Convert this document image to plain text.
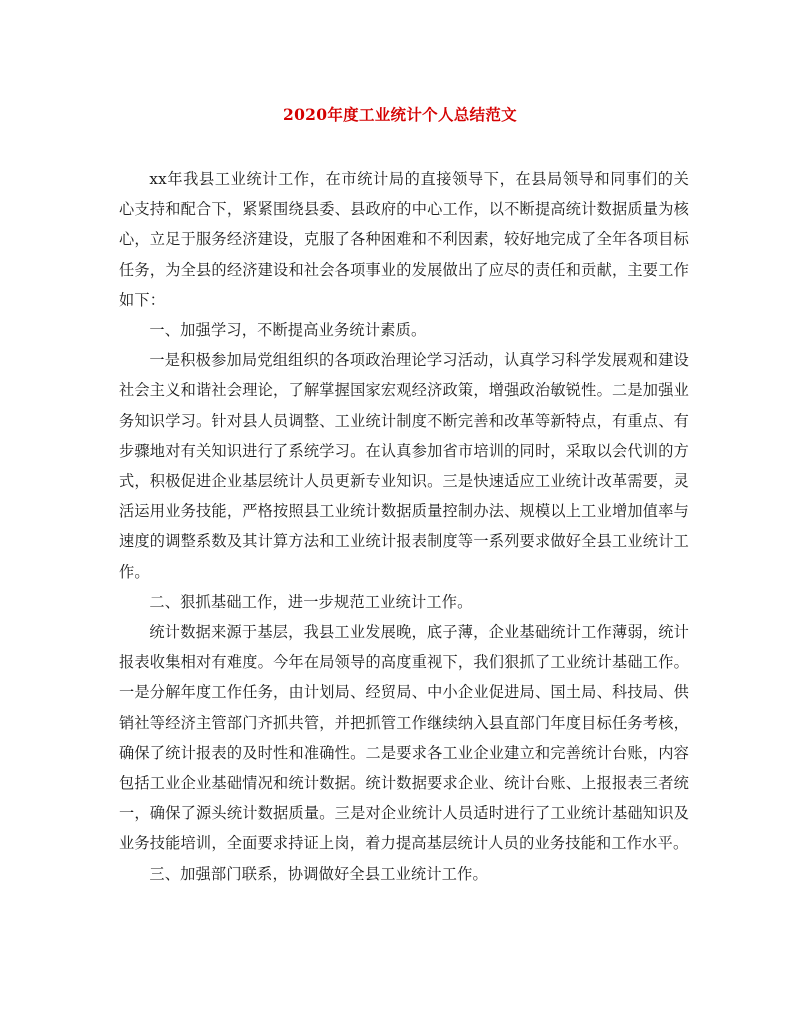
2020年度工业统计个人总结范文

xx年我县工业统计工作，在市统计局的直接领导下，在县局领导和同事们的关心支持和配合下，紧紧围绕县委、县政府的中心工作，以不断提高统计数据质量为核心，立足于服务经济建设，克服了各种困难和不利因素，较好地完成了全年各项目标任务，为全县的经济建设和社会各项事业的发展做出了应尽的责任和贡献，主要工作如下：

一、加强学习，不断提高业务统计素质。

一是积极参加局党组组织的各项政治理论学习活动，认真学习科学发展观和建设社会主义和谐社会理论，了解掌握国家宏观经济政策，增强政治敏锐性。二是加强业务知识学习。针对县人员调整、工业统计制度不断完善和改革等新特点，有重点、有步骤地对有关知识进行了系统学习。在认真参加省市培训的同时，采取以会代训的方式，积极促进企业基层统计人员更新专业知识。三是快速适应工业统计改革需要，灵活运用业务技能，严格按照县工业统计数据质量控制办法、规模以上工业增加值率与速度的调整系数及其计算方法和工业统计报表制度等一系列要求做好全县工业统计工作。

二、狠抓基础工作，进一步规范工业统计工作。

统计数据来源于基层，我县工业发展晚，底子薄，企业基础统计工作薄弱，统计报表收集相对有难度。今年在局领导的高度重视下，我们狠抓了工业统计基础工作。一是分解年度工作任务，由计划局、经贸局、中小企业促进局、国土局、科技局、供销社等经济主管部门齐抓共管，并把抓管工作继续纳入县直部门年度目标任务考核，确保了统计报表的及时性和准确性。二是要求各工业企业建立和完善统计台账，内容包括工业企业基础情况和统计数据。统计数据要求企业、统计台账、上报报表三者统一，确保了源头统计数据质量。三是对企业统计人员适时进行了工业统计基础知识及业务技能培训，全面要求持证上岗，着力提高基层统计人员的业务技能和工作水平。

三、加强部门联系，协调做好全县工业统计工作。
